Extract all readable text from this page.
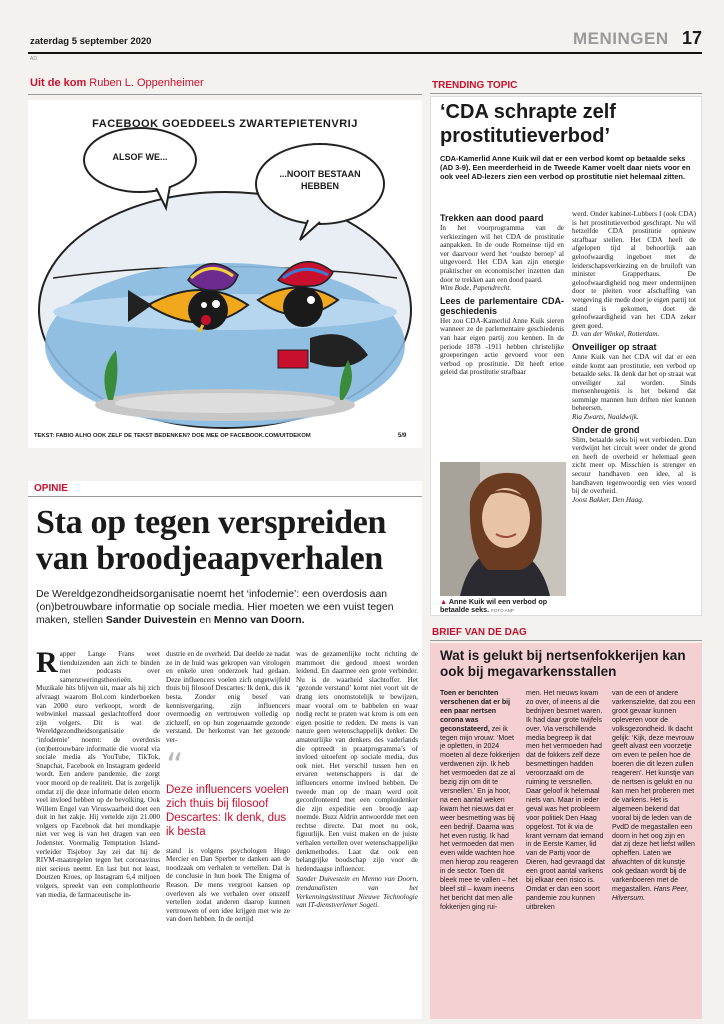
zaterdag 5 september 2020	MENINGEN 17
AD
Uit de kom Ruben L. Oppenheimer
FACEBOOK GOEDDEELS ZWARTEPIETENVRIJ
ALSOF WE...
...NOOIT BESTAAN HEBBEN
TEKST: FABIO ALHO OOK ZELF DE TEKST BEDENKEN? DOE MEE OP FACEBOOK.COM/UITDEKOM	5/9
TRENDING TOPIC
‘CDA schrapte zelf prostitutieverbod’
CDA-Kamerlid Anne Kuik wil dat er een verbod komt op betaalde seks (AD 3-9). Een meerderheid in de Tweede Kamer voelt daar niets voor en ook veel AD-lezers zien een verbod op prostitutie niet helemaal zitten.
Trekken aan dood paard
In het voorprogramma van de verkiezingen wil het CDA de prostitutie aanpakken. In de oude Romeinse tijd en ver daarvoor werd het ‘oudste beroep’ al uitgevoerd. Het CDA kan zijn energie praktischer en economischer inzetten dan door te trekken aan een dood paard.
Wim Bode, Papendrecht.
Lees de parlementaire CDA-geschiedenis
Het zou CDA-Kamerlid Anne Kuik sieren wanneer ze de parlementaire geschiedenis van haar eigen partij zou kennen. In de periode 1878 -1911 hebben christelijke groeperingen actie gevoerd voor een verbod op prostitutie. Dit heeft ertoe geleid dat prostitutie strafbaar
werd. Onder kabinet-Lubbers I (ook CDA) is het prostitutieverbod geschrapt. Nu wil hetzelfde CDA prostitutie opnieuw strafbaar stellen. Het CDA heeft de afgelopen tijd al behoorlijk aan geloofwaardig ingeboet met de leiderschapsverkiezing en de bruiloft van minister Grapperhaus. De geloofwaardigheid nog meer ondermijnen door te pleiten voor afschaffing van wetgeving die mede door je eigen partij tot stand is gekomen, doet de geloofwaardigheid van het CDA zeker geen goed.
D. van der Winkel, Rotterdam.
Onveiliger op straat
Anne Kuik van het CDA wil dat er een einde komt aan prostitutie, een verbod op betaalde seks. Ik denk dat het op straat wat onveiliger zal worden. Sinds mensenheugenis is het bekend dat sommige mannen hun driften niet kunnen beheersen.
Ria Zwarts, Naaldwijk.
Onder de grond
Slim, betaalde seks bij wet verbieden. Dan verdwijnt het circuit weer onder de grond en heeft de overheid er helemaal geen zicht meer op. Misschien is strenger en secuur handhaven een idee, al is handhaven tegenwoordig een vies woord bij de overheid.
Joost Bakker, Den Haag.
▲ Anne Kuik wil een verbod op betaalde seks. FOTO ANP
OPINIE
Sta op tegen verspreiden van broodjeaapverhalen
De Wereldgezondheidsorganisatie noemt het ‘infodemie’: een overdosis aan (on)betrouwbare informatie op sociale media. Hier moeten we een vuist tegen maken, stellen Sander Duivestein en Menno van Doorn.
Rapper Lange Frans weet tienduizenden aan zich te binden met podcasts over samenzweringstheorieën. Muzikale hits blijven uit, maar als hij zich afvraagt waarom Bol.com kinderboeken van 2000 euro verkoopt, wordt de webwinkel massaal geslachtofferd door zijn volgers. Dit is wat de Wereldgezondheidsorganisatie de ‘infodemie’ noemt: de overdosis (on)betrouwbare informatie die vooral via sociale media als YouTube, TikTok, Snapchat, Facebook en Instagram gedeeld wordt. Een andere pandemie, die zorgt voor moord op de realiteit. Dat is zorgelijk omdat zij die deze informatie delen enorm veel invloed hebben op de bevolking. Ook Willem Engel van Viruswaarheid doet een duit in het zakje. Hij vertelde zijn 21.000 volgers op Facebook dat het mondkapje niet ver weg is van het dragen van een Jodenster. Voormalig Temptation Island-verleider Tisjeboy Jay zei dat hij de RIVM-maatregelen tegen het coronavirus niet serieus neemt. En last but not least, Doutzen Kroes, op Instagram 6,4 miljoen volgers, spreekt van een complottheorie van media, de farmaceutische in-
dustrie en de overheid. Dat deelde ze nadat ze in de huid was gekropen van virologen en enkele uren onderzoek had gedaan. Deze influencers voelen zich ongetwijfeld thuis bij filosoof Descartes: Ik denk, dus ik besta. Zonder enig besef van kennisvergaring, zijn influencers overmoedig en vertrouwen volledig op zichzelf, en op hun zogenaamde gezonde verstand. De herkomst van het gezonde ver-
“
Deze influencers voelen zich thuis bij filosoof Descartes: Ik denk, dus ik besta
stand is volgens psychologen Hugo Mercier en Dan Sperber te danken aan de noodzaak om verhalen te vertellen. Dat is de conclusie in hun boek The Enigma of Reason. De mens vergroot kansen op overleven als we verhalen over onszelf vertellen zodat anderen daarop kunnen vertrouwen of een idee krijgen met wie ze van doen hebben. In de oertijd
was de gezamenlijke tocht richting de mammoet die gedood moest worden leidend. En daarmee een grote verbinder. Nu is de waarheid slachtoffer. Het ‘gezonde verstand’ komt niet voort uit de drang iets onomstotelijk te bewijzen, maar vooral om te babbelen en waar nodig recht te praten wat krom is om een eigen positie te redden. De mens is van nature geen wetenschappelijk denker. De amateurlijke van denkers des vaderlands die optreedt in praatprogramma’s of invloed uitoefent op sociale media, dus ook niet. Het verschil tussen hen en ervaren wetenschappers is dat de influencers enorme invloed hebben. De tweede man op de maan werd ooit geconfronteerd met een complotdenker die zijn expeditie een broodje aap noemde. Buzz Aldrin antwoordde met een rechtse directe. Dat moet nu ook, figuurlijk. Een vuist maken en de juiste verhalen vertellen over wetenschappelijke denkmethodes. Laat dat ook een belangrijke boodschap zijn voor de hedendaagse influencer.
Sander Duivestein en Menno van Doorn, trendanalisten van het Verkenningsinstituut Nieuwe Technologie van IT-dienstverlener Sogeti.
BRIEF VAN DE DAG
Wat is gelukt bij nertsenfokkerijen kan ook bij megavarkensstallen
Toen er berichten verschenen dat er bij een paar nertsen corona was geconstateerd, zei ik tegen mijn vrouw: ‘Moet je opletten, in 2024 moeten al deze fokkerijen verdwenen zijn. Ik heb het vermoeden dat ze al bezig zijn om dit te versnellen.’ En ja hoor, na een aantal weken kwam het nieuws dat er weer besmetting was bij een bedrijf. Daarna was het even rustig. Ik had het vermoeden dat men even wilde wachten hoe men hierop zou reageren in de sector. Toen dit bleek mee te vallen – het bleef stil – kwam ineens het bericht dat men alle fokkerijen ging rui-
men. Het nieuws kwam zo over, of ineens al die bedrijven besmet waren. Ik had daar grote twijfels over. Via verschillende media begreep ik dat men het vermoeden had dat de fokkers zelf deze besmettingen hadden veroorzaakt om de ruiming te versnellen. Daar geloof ik helemaal niets van. Maar in ieder geval was het probleem voor politiek Den Haag opgelost. Tot ik via de krant vernam dat iemand in de Eerste Kamer, lid van de Partij voor de Dieren, had gevraagd dat een groot aantal varkens bij elkaar een risico is. Omdat er dan een soort pandemie zou kunnen uitbreken
van de een of andere varkensziekte, dat zou een groot gevaar kunnen opleveren voor de volksgezondheid. Ik dacht gelijk: ‘Kijk, deze mevrouw geeft alvast een voorzetje om even te peilen hoe de boeren die dit lezen zullen reageren’. Het kunstje van de nertsen is gelukt en nu kan men het proberen met de varkens. Het is algemeen bekend dat vooral bij de leden van de PvdD de megastallen een doorn in het oog zijn en dat zij deze het liefst willen opheffen. Laten we afwachten of dit kunstje ook gedaan wordt bij de varkenboeren met de megastallen. Hans Peer, Hilversum.
